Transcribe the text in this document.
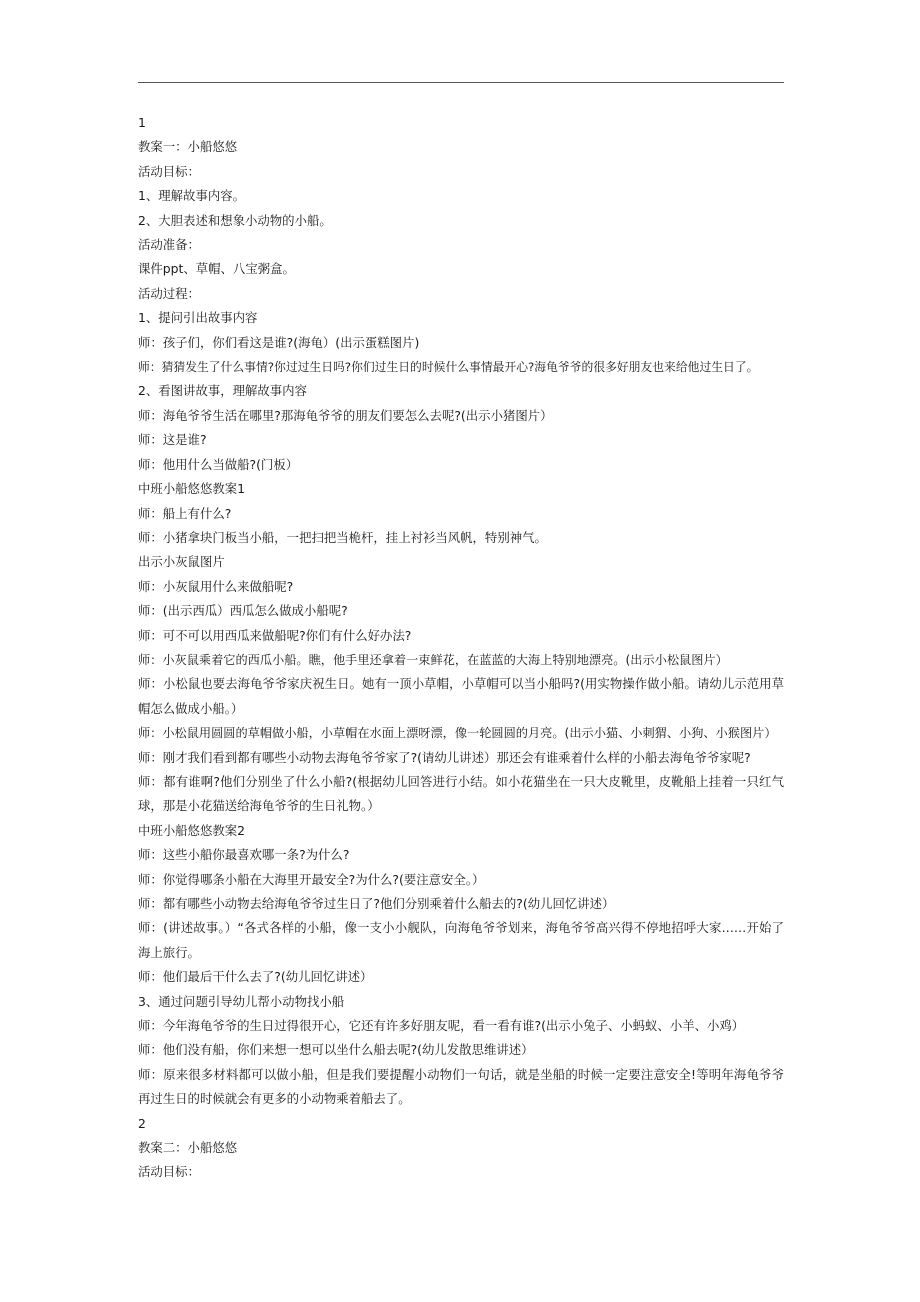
1
教案一：小船悠悠
活动目标：
1、理解故事内容。
2、大胆表述和想象小动物的小船。
活动准备：
课件ppt、草帽、八宝粥盒。
活动过程：
1、提问引出故事内容
师：孩子们，你们看这是谁?(海龟）(出示蛋糕图片)
师：猜猜发生了什么事情?你过过生日吗?你们过生日的时候什么事情最开心?海龟爷爷的很多好朋友也来给他过生日了。
2、看图讲故事，理解故事内容
师：海龟爷爷生活在哪里?那海龟爷爷的朋友们要怎么去呢?(出示小猪图片）
师：这是谁?
师：他用什么当做船?(门板）
中班小船悠悠教案1
师：船上有什么?
师：小猪拿块门板当小船，一把扫把当桅杆，挂上衬衫当风帆，特别神气。
出示小灰鼠图片
师：小灰鼠用什么来做船呢?
师：(出示西瓜）西瓜怎么做成小船呢?
师：可不可以用西瓜来做船呢?你们有什么好办法?
师：小灰鼠乘着它的西瓜小船。瞧，他手里还拿着一束鲜花，在蓝蓝的大海上特别地漂亮。(出示小松鼠图片）
师：小松鼠也要去海龟爷爷家庆祝生日。她有一顶小草帽，小草帽可以当小船吗?(用实物操作做小船。请幼儿示范用草帽怎么做成小船。）
师：小松鼠用圆圆的草帽做小船，小草帽在水面上漂呀漂，像一轮圆圆的月亮。(出示小猫、小刺猬、小狗、小猴图片）
师：刚才我们看到都有哪些小动物去海龟爷爷家了?(请幼儿讲述）那还会有谁乘着什么样的小船去海龟爷爷家呢?
师：都有谁啊?他们分别坐了什么小船?(根据幼儿回答进行小结。如小花猫坐在一只大皮靴里，皮靴船上挂着一只红气球，那是小花猫送给海龟爷爷的生日礼物。）
中班小船悠悠教案2
师：这些小船你最喜欢哪一条?为什么?
师：你觉得哪条小船在大海里开最安全?为什么?(要注意安全。）
师：都有哪些小动物去给海龟爷爷过生日了?他们分别乘着什么船去的?(幼儿回忆讲述）
师：(讲述故事。）“各式各样的小船，像一支小小舰队，向海龟爷爷划来，海龟爷爷高兴得不停地招呼大家……开始了海上旅行。
师：他们最后干什么去了?(幼儿回忆讲述）
3、通过问题引导幼儿帮小动物找小船
师：今年海龟爷爷的生日过得很开心，它还有许多好朋友呢，看一看有谁?(出示小兔子、小蚂蚁、小羊、小鸡）
师：他们没有船，你们来想一想可以坐什么船去呢?(幼儿发散思维讲述）
师：原来很多材料都可以做小船，但是我们要提醒小动物们一句话，就是坐船的时候一定要注意安全!等明年海龟爷爷再过生日的时候就会有更多的小动物乘着船去了。
2
教案二：小船悠悠
活动目标：
